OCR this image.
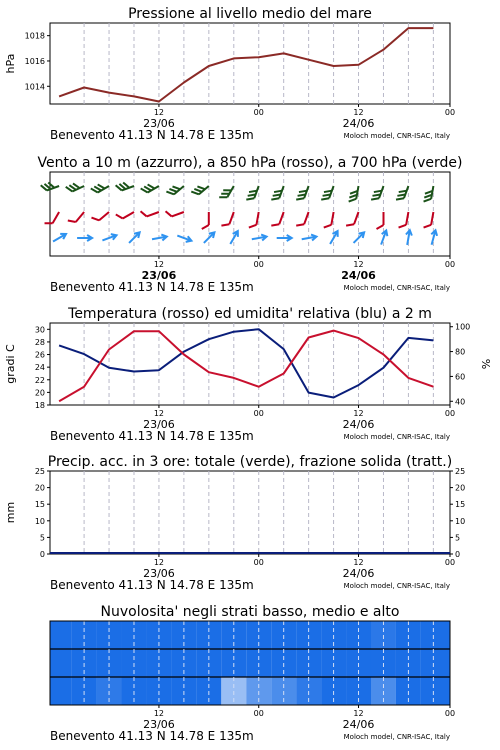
Pressione al livello medio del mare
1014
1016
1018
hPa
12	00	12	00
23/06	24/06
Benevento 41.13 N 14.78 E 135m	Moloch model, CNR-ISAC, Italy
Vento a 10 m (azzurro), a 850 hPa (rosso), a 700 hPa (verde)
12	00	12	00
23/06	24/06
Benevento 41.13 N 14.78 E 135m	Moloch model, CNR-ISAC, Italy
Temperatura (rosso) ed umidita' relativa (blu) a 2 m
18
20
22
24
26
28
30
40
60
80
100
gradi C	%
12	00	12	00
23/06	24/06
Benevento 41.13 N 14.78 E 135m	Moloch model, CNR-ISAC, Italy
Precip. acc. in 3 ore: totale (verde), frazione solida (tratt.)
0
5
10
15
20
25
0
5
10
15
20
25
mm
12	00	12	00
23/06	24/06
Benevento 41.13 N 14.78 E 135m	Moloch model, CNR-ISAC, Italy
Nuvolosita' negli strati basso, medio e alto
12	00	12	00
23/06	24/06
Benevento 41.13 N 14.78 E 135m	Moloch model, CNR-ISAC, Italy
